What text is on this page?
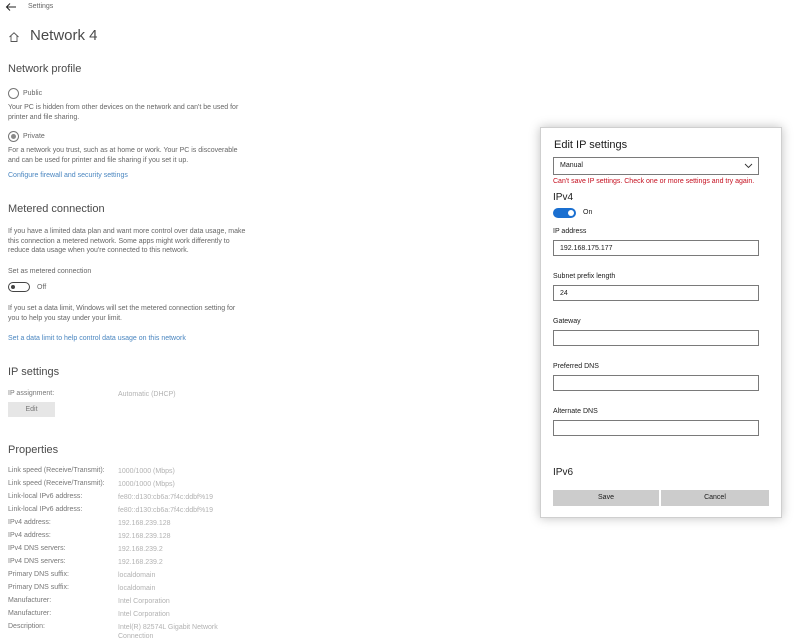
Settings
Network 4
Network profile
Public
Your PC is hidden from other devices on the network and can't be used for printer and file sharing.
Private
For a network you trust, such as at home or work. Your PC is discoverable and can be used for printer and file sharing if you set it up.
Configure firewall and security settings
Metered connection
If you have a limited data plan and want more control over data usage, make this connection a metered network. Some apps might work differently to reduce data usage when you're connected to this network.
Set as metered connection
Off
If you set a data limit, Windows will set the metered connection setting for you to help you stay under your limit.
Set a data limit to help control data usage on this network
IP settings
IP assignment:	Automatic (DHCP)
Edit
Properties
Link speed (Receive/Transmit): 1000/1000 (Mbps)
Link speed (Receive/Transmit): 1000/1000 (Mbps)
Link-local IPv6 address:	fe80::d130:cb6a:7f4c:ddbf%19
Link-local IPv6 address:	fe80::d130:cb6a:7f4c:ddbf%19
IPv4 address:	192.168.239.128
IPv4 address:	192.168.239.128
IPv4 DNS servers:	192.168.239.2
IPv4 DNS servers:	192.168.239.2
Primary DNS suffix:	localdomain
Primary DNS suffix:	localdomain
Manufacturer:	Intel Corporation
Manufacturer:	Intel Corporation
Description:	Intel(R) 82574L Gigabit Network Connection
Edit IP settings
Manual
Can't save IP settings. Check one or more settings and try again.
IPv4
On
IP address
192.168.175.177
Subnet prefix length
24
Gateway
Preferred DNS
Alternate DNS
IPv6
Save	Cancel
